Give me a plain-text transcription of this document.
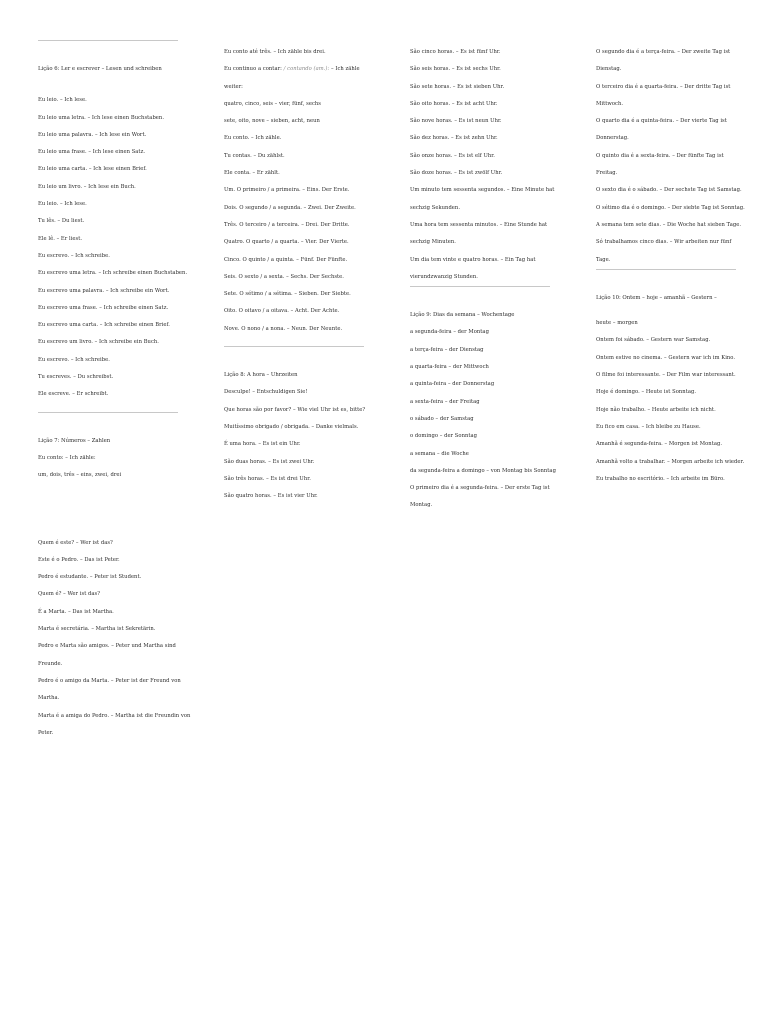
Lição 6: Ler e escrever – Lesen und schreiben

Eu leio. – Ich lese.

Eu leio uma letra. – Ich lese einen Buchstaben.

Eu leio uma palavra. – Ich lese ein Wort.

Eu leio uma frase. – Ich lese einen Satz.

Eu leio uma carta. – Ich lese einen Brief.

Eu leio um livro. – Ich lese ein Buch.

Eu leio. – Ich lese.

Tu lês. – Du liest.

Ele lê. – Er liest.

Eu escrevo. – Ich schreibe.

Eu escrevo uma letra. – Ich schreibe einen Buchstaben.

Eu escrevo uma palavra. – Ich schreibe ein Wort.

Eu escrevo uma frase. – Ich schreibe einen Satz.

Eu escrevo uma carta. – Ich schreibe einen Brief.

Eu escrevo um livro. – Ich schreibe ein Buch.

Eu escrevo. – Ich schreibe.

Tu escreves. – Du schreibst.

Ele escreve. – Er schreibt.

Lição 7: Números – Zahlen

Eu conto: – Ich zähle:

um, dois, três – eins, zwei, drei

Quem é este? – Wer ist das?

Este é o Pedro. – Das ist Peter.

Pedro é estudante. – Peter ist Student.

Quem é? – Wer ist das?

É a Marta. – Das ist Martha.

Marta é secretária. – Martha ist Sekretärin.

Pedro e Marta são amigos. – Peter und Martha sind Freunde.

Pedro é o amigo da Marta. – Peter ist der Freund von Martha.

Marta é a amiga do Pedro. – Martha ist die Freundin von Peter.

Eu conto até três. – Ich zähle bis drei.

Eu continuo a contar: / contando (am.): – Ich zähle weiter:

quatro, cinco, seis – vier, fünf, sechs

sete, oito, nove – sieben, acht, neun

Eu conto. – Ich zähle.

Tu contas. – Du zählst.

Ele conta. – Er zählt.

Um. O primeiro / a primeira. – Eins. Der Erste.

Dois. O segundo / a segunda. – Zwei. Der Zweite.

Três. O terceiro / a terceira. – Drei. Der Dritte.

Quatro. O quarto / a quarta. – Vier. Der Vierte.

Cinco. O quinto / a quinta. – Fünf. Der Fünfte.

Seis. O sexto / a sexta. – Sechs. Der Sechste.

Sete. O sétimo / a sétima. – Sieben. Der Siebte.

Oito. O oitavo / a oitava. – Acht. Der Achte.

Nove. O nono / a nona. – Neun. Der Neunte.

Lição 8: A hora – Uhrzeiten

Desculpe! – Entschuldigen Sie!

Que horas são por favor? – Wie viel Uhr ist es, bitte?

Muitíssimo obrigado / obrigada. – Danke vielmals.

É uma hora. – Es ist ein Uhr.

São duas horas. – Es ist zwei Uhr.

São três horas. – Es ist drei Uhr.

São quatro horas. – Es ist vier Uhr.

São cinco horas. – Es ist fünf Uhr.

São seis horas. – Es ist sechs Uhr.

São sete horas. – Es ist sieben Uhr.

São oito horas. – Es ist acht Uhr.

São nove horas. – Es ist neun Uhr.

São dez horas. – Es ist zehn Uhr.

São onze horas. – Es ist elf Uhr.

São doze horas. – Es ist zwölf Uhr.

Um minuto tem sessenta segundos. – Eine Minute hat sechzig Sekunden.

Uma hora tem sessenta minutos. – Eine Stunde hat sechzig Minuten.

Um dia tem vinte e quatro horas. – Ein Tag hat vierundzwanzig Stunden.

Lição 9: Dias da semana – Wochentage

a segunda-feira – der Montag

a terça-feira – der Dienstag

a quarta-feira – der Mittwoch

a quinta-feira – der Donnerstag

a sexta-feira – der Freitag

o sábado – der Samstag

o domingo – der Sonntag

a semana – die Woche

da segunda-feira a domingo – von Montag bis Sonntag

O primeiro dia é a segunda-feira. – Der erste Tag ist Montag.

O segundo dia é a terça-feira. – Der zweite Tag ist Dienstag.

O terceiro dia é a quarta-feira. – Der dritte Tag ist Mittwoch.

O quarto dia é a quinta-feira. – Der vierte Tag ist Donnerstag.

O quinto dia é a sexta-feira. – Der fünfte Tag ist Freitag.

O sexto dia é o sábado. – Der sechste Tag ist Samstag.

O sétimo dia é o domingo. – Der siebte Tag ist Sonntag.

A semana tem sete dias. – Die Woche hat sieben Tage.

Só trabalhamos cinco dias. – Wir arbeiten nur fünf Tage.

Lição 10: Ontem – hoje – amanhã – Gestern –

heute – morgen

Ontem foi sábado. – Gestern war Samstag.

Ontem estive no cinema. – Gestern war ich im Kino.

O filme foi interessante. – Der Film war interessant.

Hoje é domingo. – Heute ist Sonntag.

Hoje não trabalho. – Heute arbeite ich nicht.

Eu fico em casa. – Ich bleibe zu Hause.

Amanhã é segunda-feira. – Morgen ist Montag.

Amanhã volto a trabalhar. – Morgen arbeite ich wieder.

Eu trabalho no escritório. – Ich arbeite im Büro.
